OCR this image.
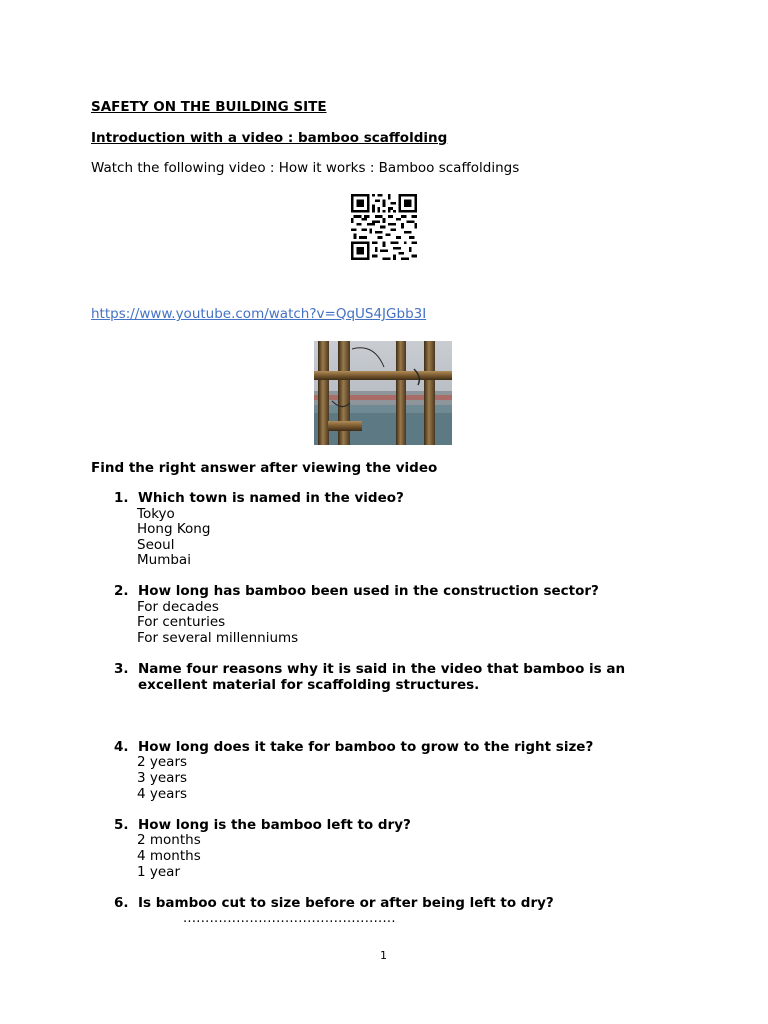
SAFETY ON THE BUILDING SITE
Introduction with a video : bamboo scaffolding
Watch the following video : How it works : Bamboo scaffoldings
https://www.youtube.com/watch?v=QqUS4JGbb3I
Find the right answer after viewing the video
1. Which town is named in the video?
Tokyo
Hong Kong
Seoul
Mumbai
2. How long has bamboo been used in the construction sector?
For decades
For centuries
For several millenniums
3. Name four reasons why it is said in the video that bamboo is an excellent material for scaffolding structures.
4. How long does it take for bamboo to grow to the right size?
2 years
3 years
4 years
5. How long is the bamboo left to dry?
2 months
4 months
1 year
6. Is bamboo cut to size before or after being left to dry?
................................................
1
